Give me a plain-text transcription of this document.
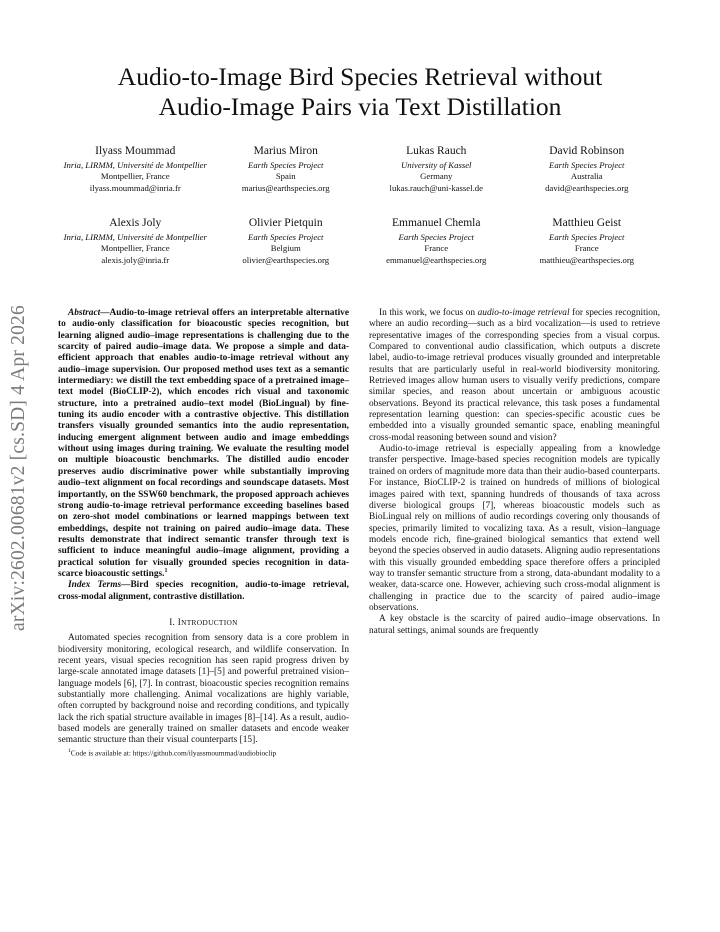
arXiv:2602.00681v2 [cs.SD] 4 Apr 2026
Audio-to-Image Bird Species Retrieval without
Audio-Image Pairs via Text Distillation
Ilyass Moummad
Inria, LIRMM, Université de Montpellier
Montpellier, France
ilyass.moummad@inria.fr
Marius Miron
Earth Species Project
Spain
marius@earthspecies.org
Lukas Rauch
University of Kassel
Germany
lukas.rauch@uni-kassel.de
David Robinson
Earth Species Project
Australia
david@earthspecies.org
Alexis Joly
Inria, LIRMM, Université de Montpellier
Montpellier, France
alexis.joly@inria.fr
Olivier Pietquin
Earth Species Project
Belgium
olivier@earthspecies.org
Emmanuel Chemla
Earth Species Project
France
emmanuel@earthspecies.org
Matthieu Geist
Earth Species Project
France
matthieu@earthspecies.org

Abstract—Audio-to-image retrieval offers an interpretable alternative to audio-only classification for bioacoustic species recognition, but learning aligned audio–image representations is challenging due to the scarcity of paired audio–image data. We propose a simple and data-efficient approach that enables audio-to-image retrieval without any audio–image supervision. Our proposed method uses text as a semantic intermediary: we distill the text embedding space of a pretrained image–text model (BioCLIP-2), which encodes rich visual and taxonomic structure, into a pretrained audio–text model (BioLingual) by fine-tuning its audio encoder with a contrastive objective. This distillation transfers visually grounded semantics into the audio representation, inducing emergent alignment between audio and image embeddings without using images during training. We evaluate the resulting model on multiple bioacoustic benchmarks. The distilled audio encoder preserves audio discriminative power while substantially improving audio–text alignment on focal recordings and soundscape datasets. Most importantly, on the SSW60 benchmark, the proposed approach achieves strong audio-to-image retrieval performance exceeding baselines based on zero-shot model combinations or learned mappings between text embeddings, despite not training on paired audio–image data. These results demonstrate that indirect semantic transfer through text is sufficient to induce meaningful audio–image alignment, providing a practical solution for visually grounded species recognition in data-scarce bioacoustic settings.$^1$

Index Terms—Bird species recognition, audio-to-image retrieval, cross-modal alignment, contrastive distillation.

I. INTRODUCTION

Automated species recognition from sensory data is a core problem in biodiversity monitoring, ecological research, and wildlife conservation. In recent years, visual species recognition has seen rapid progress driven by large-scale annotated image datasets [1]–[5] and powerful pretrained vision–language models [6], [7]. In contrast, bioacoustic species recognition remains substantially more challenging. Animal vocalizations are highly variable, often corrupted by background noise and recording conditions, and typically lack the rich spatial structure available in images [8]–[14]. As a result, audio-based models are generally trained on smaller datasets and encode weaker semantic structure than their visual counterparts [15].

$^1$Code is available at: https://github.com/ilyassmoummad/audiobioclip

In this work, we focus on audio-to-image retrieval for species recognition, where an audio recording—such as a bird vocalization—is used to retrieve representative images of the corresponding species from a visual corpus. Compared to conventional audio classification, which outputs a discrete label, audio-to-image retrieval produces visually grounded and interpretable results that are particularly useful in real-world biodiversity monitoring. Retrieved images allow human users to visually verify predictions, compare similar species, and reason about uncertain or ambiguous acoustic observations. Beyond its practical relevance, this task poses a fundamental representation learning question: can species-specific acoustic cues be embedded into a visually grounded semantic space, enabling meaningful cross-modal reasoning between sound and vision?

Audio-to-image retrieval is especially appealing from a knowledge transfer perspective. Image-based species recognition models are typically trained on orders of magnitude more data than their audio-based counterparts. For instance, BioCLIP-2 is trained on hundreds of millions of biological images paired with text, spanning hundreds of thousands of taxa across diverse biological groups [7], whereas bioacoustic models such as BioLingual rely on millions of audio recordings covering only thousands of species, primarily limited to vocalizing taxa. As a result, vision–language models encode rich, fine-grained biological semantics that extend well beyond the species observed in audio datasets. Aligning audio representations with this visually grounded embedding space therefore offers a principled way to transfer semantic structure from a strong, data-abundant modality to a weaker, data-scarce one. However, achieving such cross-modal alignment is challenging in practice due to the scarcity of paired audio–image observations.

A key obstacle is the scarcity of paired audio–image observations. In natural settings, animal sounds are frequently
